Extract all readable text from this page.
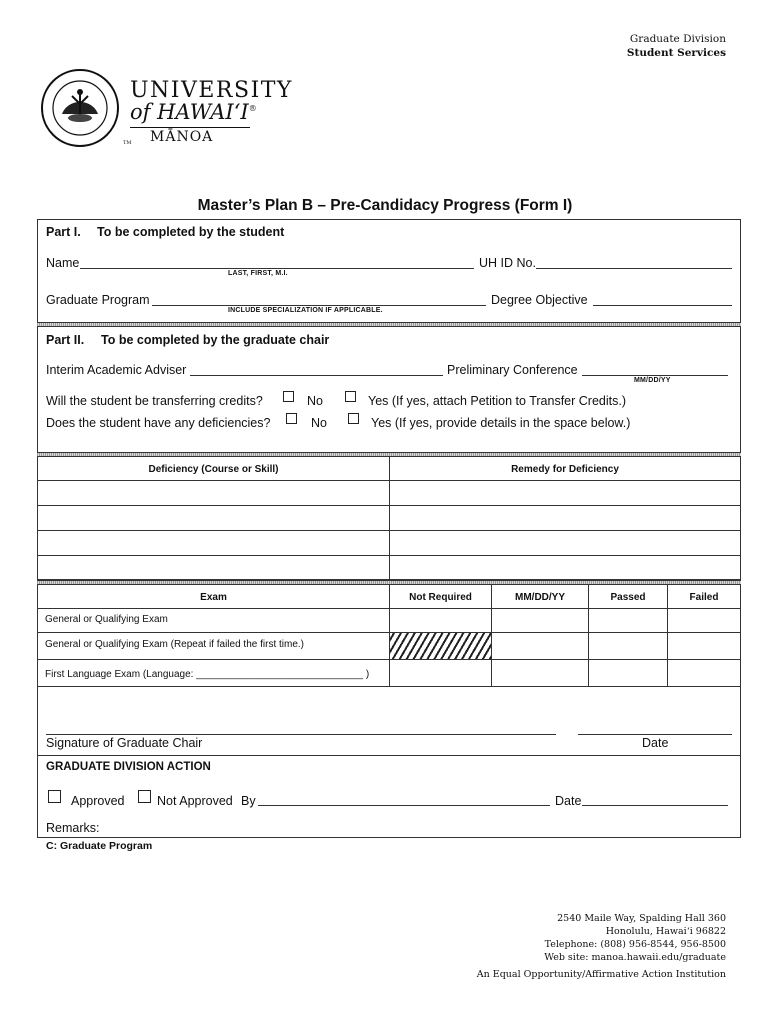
Graduate Division
Student Services
TM
UNIVERSITY
of HAWAIʻI®
MĀNOA
Master’s Plan B – Pre-Candidacy Progress (Form I)
Part I. To be completed by the student
Name
LAST, FIRST, M.I.
UH ID No.
Graduate Program
INCLUDE SPECIALIZATION IF APPLICABLE.
Degree Objective
Part II. To be completed by the graduate chair
Interim Academic Adviser	Preliminary Conference
MM/DD/YY
Will the student be transferring credits?	No	Yes (If yes, attach Petition to Transfer Credits.)
Does the student have any deficiencies?	No	Yes (If yes, provide details in the space below.)
Deficiency (Course or Skill)	Remedy for Deficiency
Exam	Not Required	MM/DD/YY	Passed	Failed
General or Qualifying Exam
General or Qualifying Exam (Repeat if failed the first time.)
First Language Exam (Language: ______________________________ )
Signature of Graduate Chair	Date
GRADUATE DIVISION ACTION
Approved	Not Approved By	Date
Remarks:
C: Graduate Program
2540 Maile Way, Spalding Hall 360
Honolulu, Hawaiʻi 96822
Telephone: (808) 956-8544, 956-8500
Web site: manoa.hawaii.edu/graduate
An Equal Opportunity/Affirmative Action Institution
